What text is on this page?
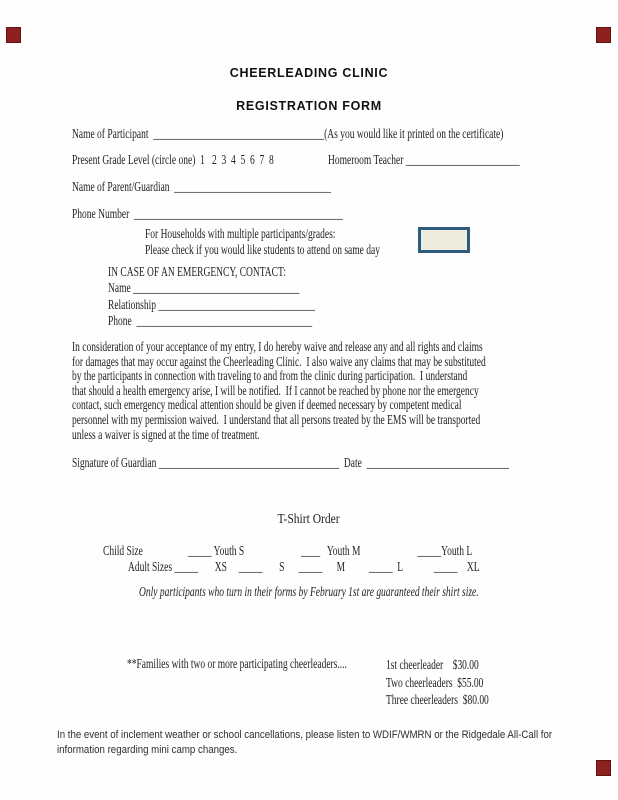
CHEERLEADING CLINIC
REGISTRATION FORM
Name of Participant  ____________________________________(As you would like it printed on the certificate)
Present Grade Level (circle one)  1   2  3  4  5  6  7  8	Homeroom Teacher ________________________
Name of Parent/Guardian  _________________________________
Phone Number  ____________________________________________
For Households with multiple participants/grades:
Please check if you would like students to attend on same day
IN CASE OF AN EMERGENCY, CONTACT:
Name ___________________________________
Relationship _________________________________
Phone  _____________________________________
In consideration of your acceptance of my entry, I do hereby waive and release any and all rights and claims
for damages that may occur against the Cheerleading Clinic.  I also waive any claims that may be substituted
by the participants in connection with traveling to and from the clinic during participation.  I understand
that should a health emergency arise, I will be notified.  If I cannot be reached by phone nor the emergency
contact, such emergency medical attention should be given if deemed necessary by competent medical
personnel with my permission waived.  I understand that all persons treated by the EMS will be transported
unless a waiver is signed at the time of treatment.
Signature of Guardian ______________________________________  Date  ______________________________
T-Shirt Order
Child Size                   _____ Youth S                        ____   Youth M                        _____Youth L
Adult Sizes _____       XS     _____       S      _____      M          _____  L             _____    XL
Only participants who turn in their forms by February 1st are guaranteed their shirt size.
**Families with two or more participating cheerleaders....	1st cheerleader    $30.00
Two cheerleaders  $55.00
Three cheerleaders  $80.00
In the event of inclement weather or school cancellations, please listen to WDIF/WMRN or the Ridgedale All-Call for
information regarding mini camp changes.
